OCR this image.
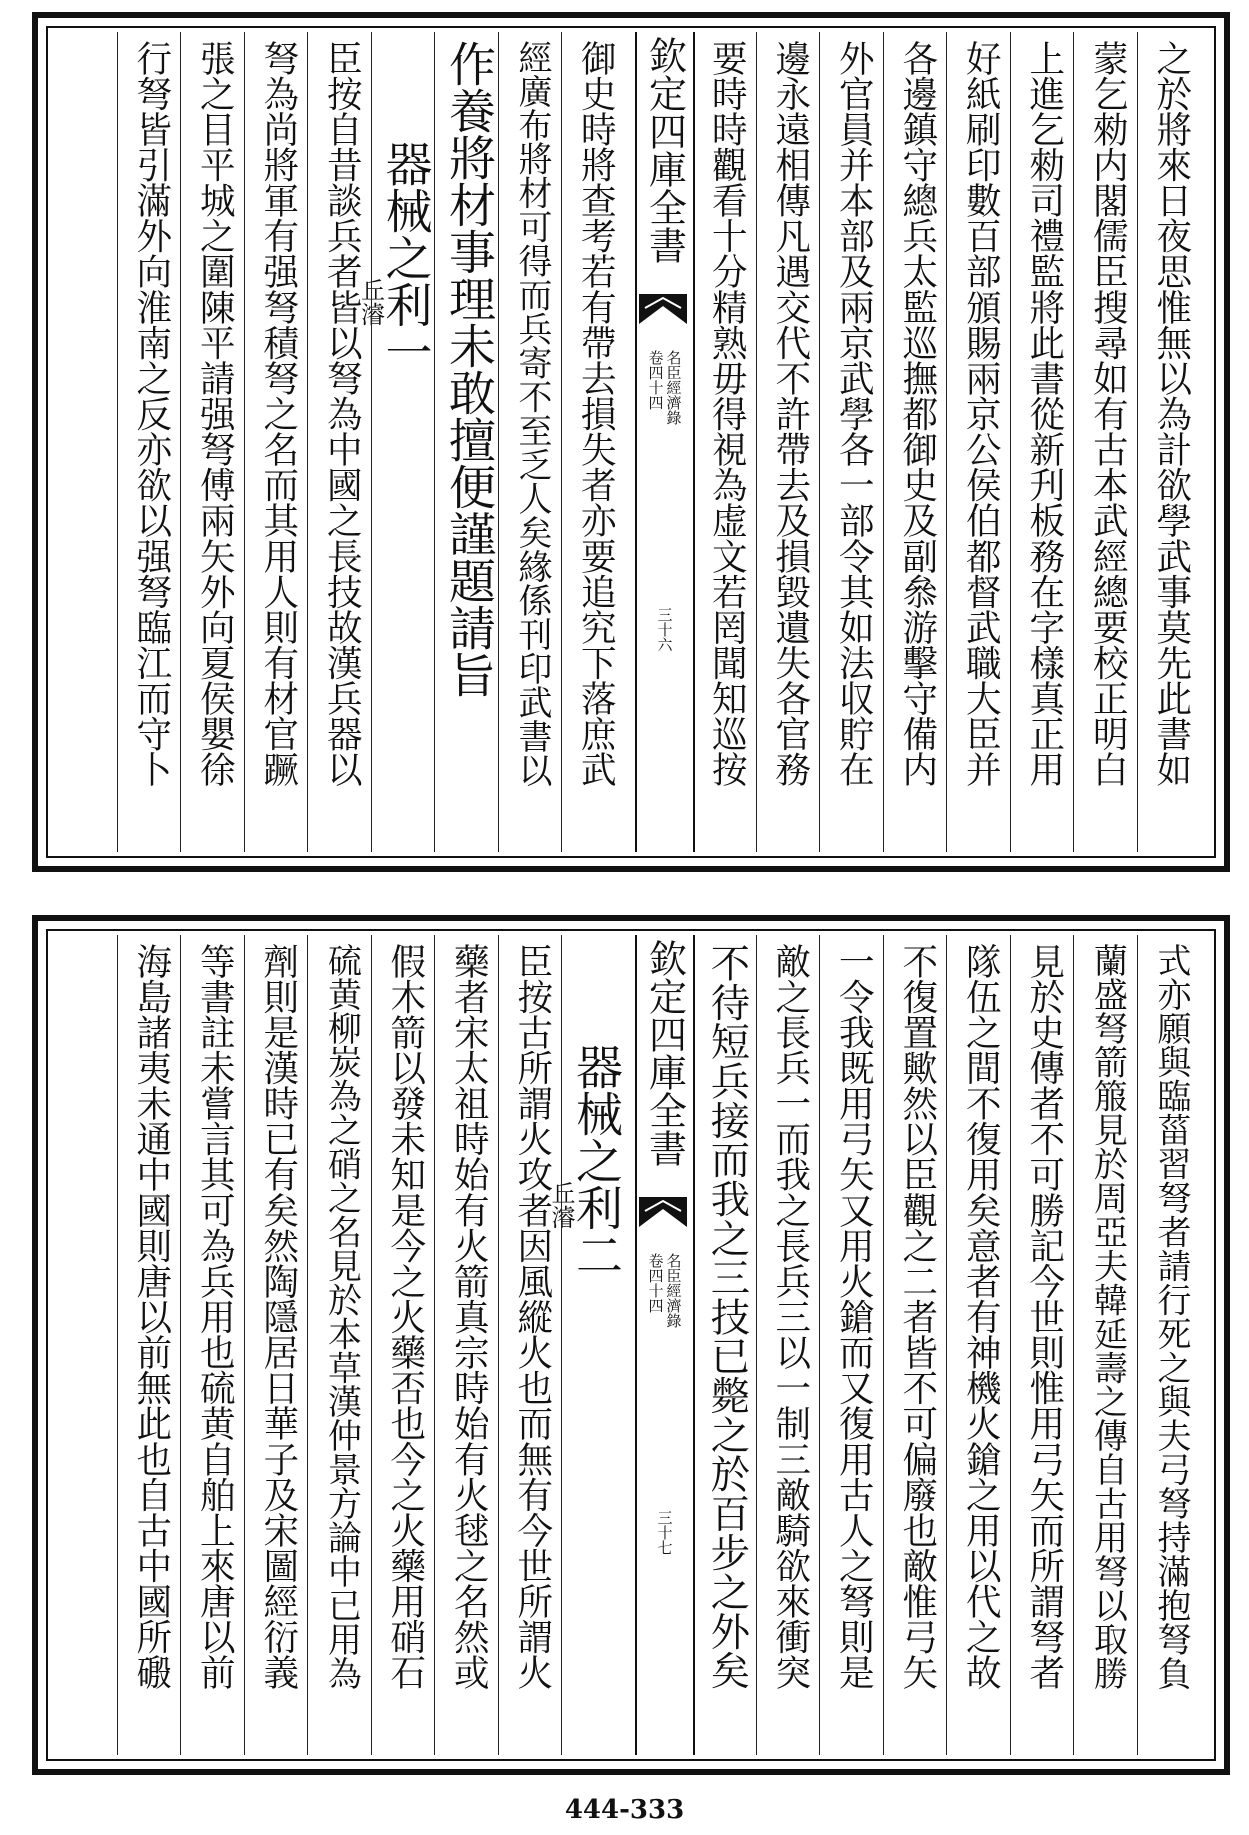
之於將來日夜思惟無以為計欲學武事莫先此書如
蒙乞勑内閣儒臣搜尋如有古本武經總要校正明白
上進乞勑司禮監將此書從新刋板務在字樣真正用
好紙刷印數百部頒賜兩京公侯伯都督武職大臣并
各邊鎮守總兵太監巡撫都御史及副叅游擊守備内
外官員并本部及兩京武學各一部令其如法収貯在
邊永遠相傳凡遇交代不許帶去及損毀遺失各官務
要時時觀看十分精熟毋得視為虚文若罔聞知巡按
欽定四庫全書
卷四十四 名臣經濟錄
三十六
御史時將查考若有帶去損失者亦要追究下落庶武
經廣布將材可得而兵寄不至乏人矣緣係刊印武書以
作養將材事理未敢擅便謹題請旨
器械之利一
丘濬
臣按自昔談兵者皆以弩為中國之長技故漢兵器以
弩為尚將軍有强弩積弩之名而其用人則有材官蹶
張之目平城之圍陳平請强弩傅兩矢外向夏侯嬰徐
行弩皆引滿外向淮南之反亦欲以强弩臨江而守卜
式亦願與臨菑習弩者請行死之與夫弓弩持滿抱弩負
蘭盛弩箭箙見於周亞夫韓延壽之傳自古用弩以取勝
見於史傳者不可勝記今世則惟用弓矢而所謂弩者
隊伍之間不復用矣意者有神機火鎗之用以代之故
不復置歟然以臣觀之二者皆不可偏廢也敵惟弓矢
一令我既用弓矢又用火鎗而又復用古人之弩則是
敵之長兵一而我之長兵三以一制三敵騎欲來衝突
不待短兵接而我之三技已斃之於百步之外矣
欽定四庫全書
卷四十四 名臣經濟錄
三十七
器械之利二
丘濬
臣按古所謂火攻者因風縱火也而無有今世所謂火
藥者宋太祖時始有火箭真宗時始有火毬之名然或
假木箭以發未知是今之火藥否也今之火藥用硝石
硫黄柳炭為之硝之名見於本草漢仲景方論中已用為
劑則是漢時已有矣然陶隱居日華子及宋圖經衍義
等書註未嘗言其可為兵用也硫黄自舶上來唐以前
海島諸夷未通中國則唐以前無此也自古中國所磤
444-333
